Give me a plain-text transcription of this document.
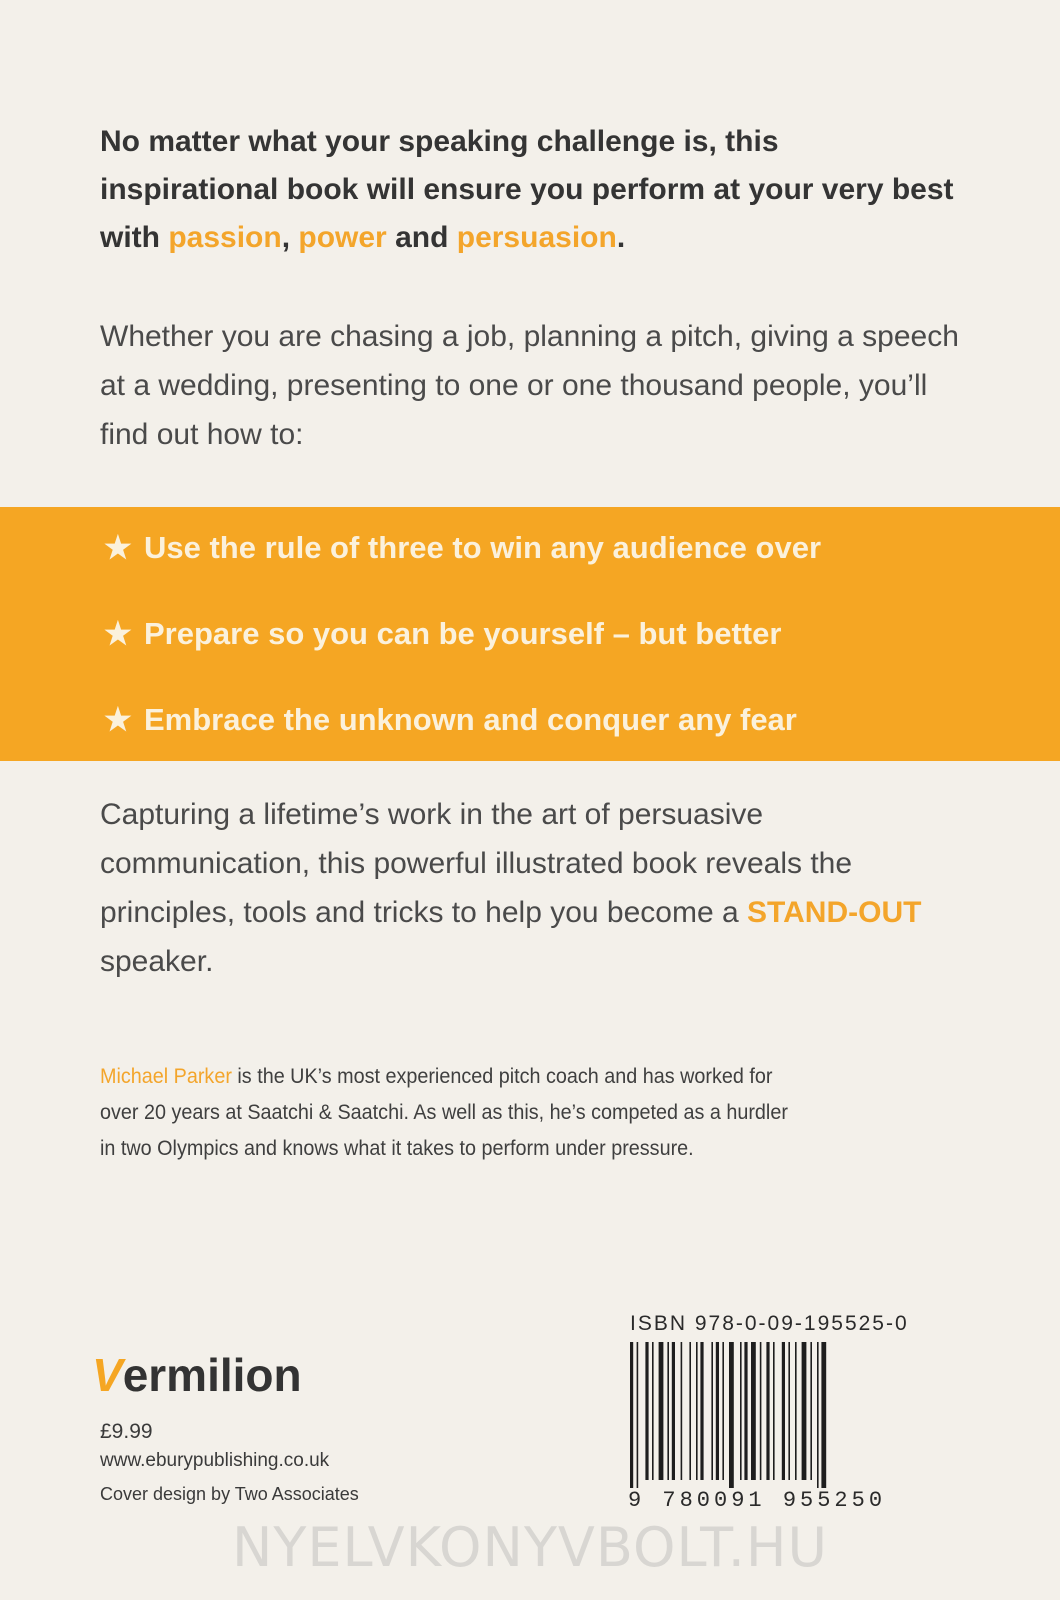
No matter what your speaking challenge is, this inspirational book will ensure you perform at your very best with passion, power and persuasion.

Whether you are chasing a job, planning a pitch, giving a speech at a wedding, presenting to one or one thousand people, you’ll find out how to:

★ Use the rule of three to win any audience over
★ Prepare so you can be yourself – but better
★ Embrace the unknown and conquer any fear

Capturing a lifetime’s work in the art of persuasive communication, this powerful illustrated book reveals the principles, tools and tricks to help you become a STAND-OUT speaker.

Michael Parker is the UK’s most experienced pitch coach and has worked for over 20 years at Saatchi & Saatchi. As well as this, he’s competed as a hurdler in two Olympics and knows what it takes to perform under pressure.

Vermilion
£9.99
www.eburypublishing.co.uk
Cover design by Two Associates
ISBN 978-0-09-195525-0
9 780091 955250
NYELVKONYVBOLT.HU
